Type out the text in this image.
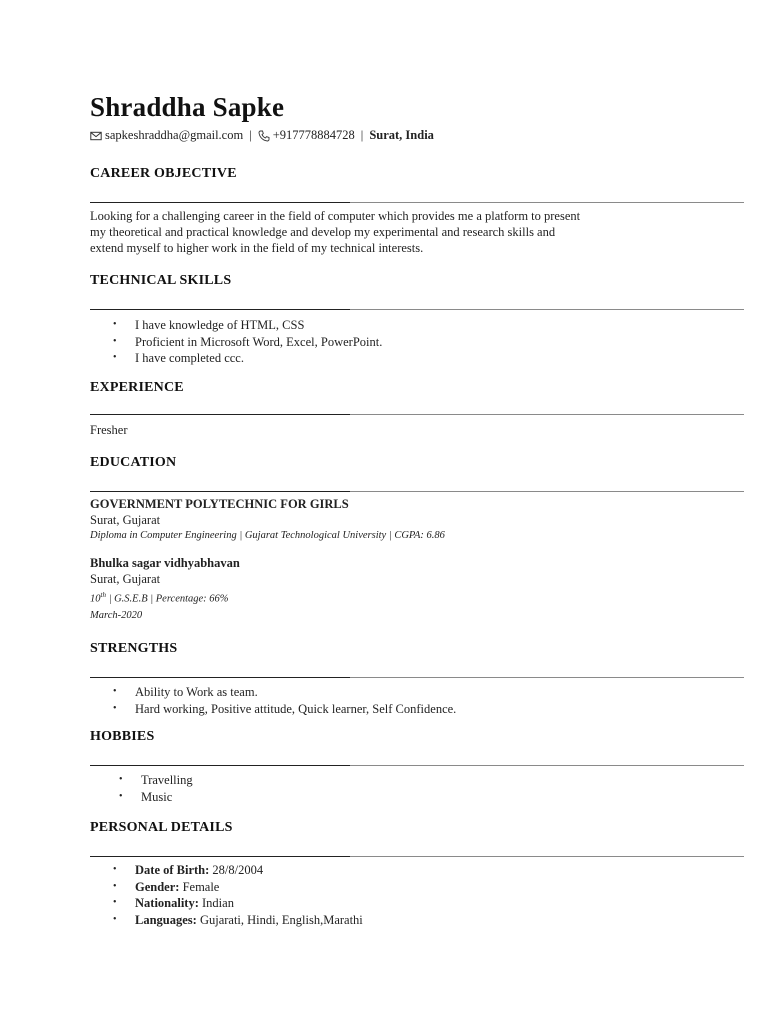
Shraddha Sapke
sapkeshraddha@gmail.com | +917778884728 | Surat, India
CAREER OBJECTIVE
Looking for a challenging career in the field of computer which provides me a platform to present
my theoretical and practical knowledge and develop my experimental and research skills and
extend myself to higher work in the field of my technical interests.
TECHNICAL SKILLS
• I have knowledge of HTML, CSS
• Proficient in Microsoft Word, Excel, PowerPoint.
• I have completed ccc.
EXPERIENCE
Fresher
EDUCATION
GOVERNMENT POLYTECHNIC FOR GIRLS
Surat, Gujarat
Diploma in Computer Engineering | Gujarat Technological University | CGPA: 6.86
Bhulka sagar vidhyabhavan
Surat, Gujarat
10th | G.S.E.B | Percentage: 66%
March-2020
STRENGTHS
• Ability to Work as team.
• Hard working, Positive attitude, Quick learner, Self Confidence.
HOBBIES
• Travelling
• Music
PERSONAL DETAILS
• Date of Birth: 28/8/2004
• Gender: Female
• Nationality: Indian
• Languages: Gujarati, Hindi, English,Marathi
